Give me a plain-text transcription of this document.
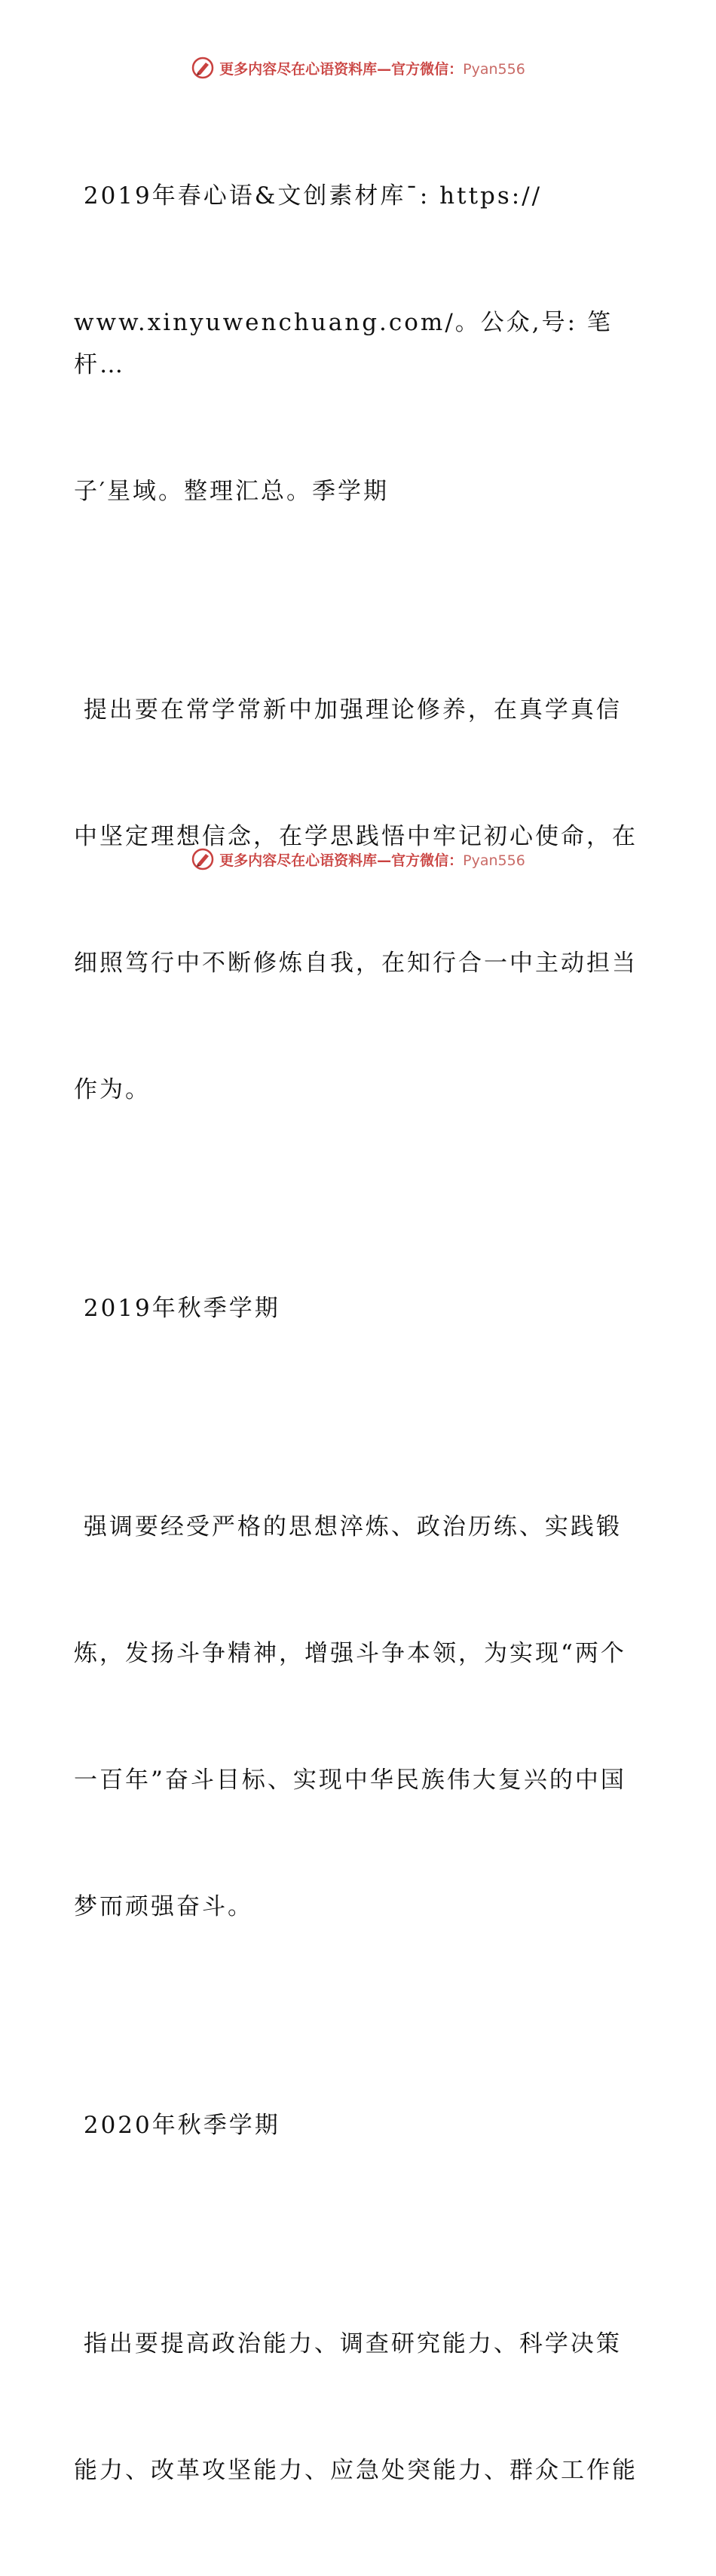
更多内容尽在心语资料库—官方微信：Pyan556

2019年春心语&文创素材库¯: https://

www.xinyuwenchuang.com/。公众,号: 笔杆…

子′星域。整理汇总。季学期

提出要在常学常新中加强理论修养，在真学真信

中坚定理想信念，在学思践悟中牢记初心使命，在

细照笃行中不断修炼自我，在知行合一中主动担当

作为。

2019年秋季学期

强调要经受严格的思想淬炼、政治历练、实践锻

炼，发扬斗争精神，增强斗争本领，为实现“两个

一百年”奋斗目标、实现中华民族伟大复兴的中国

梦而顽强奋斗。

2020年秋季学期

指出要提高政治能力、调查研究能力、科学决策

能力、改革攻坚能力、应急处突能力、群众工作能

更多内容尽在心语资料库—官方微信：Pyan556
